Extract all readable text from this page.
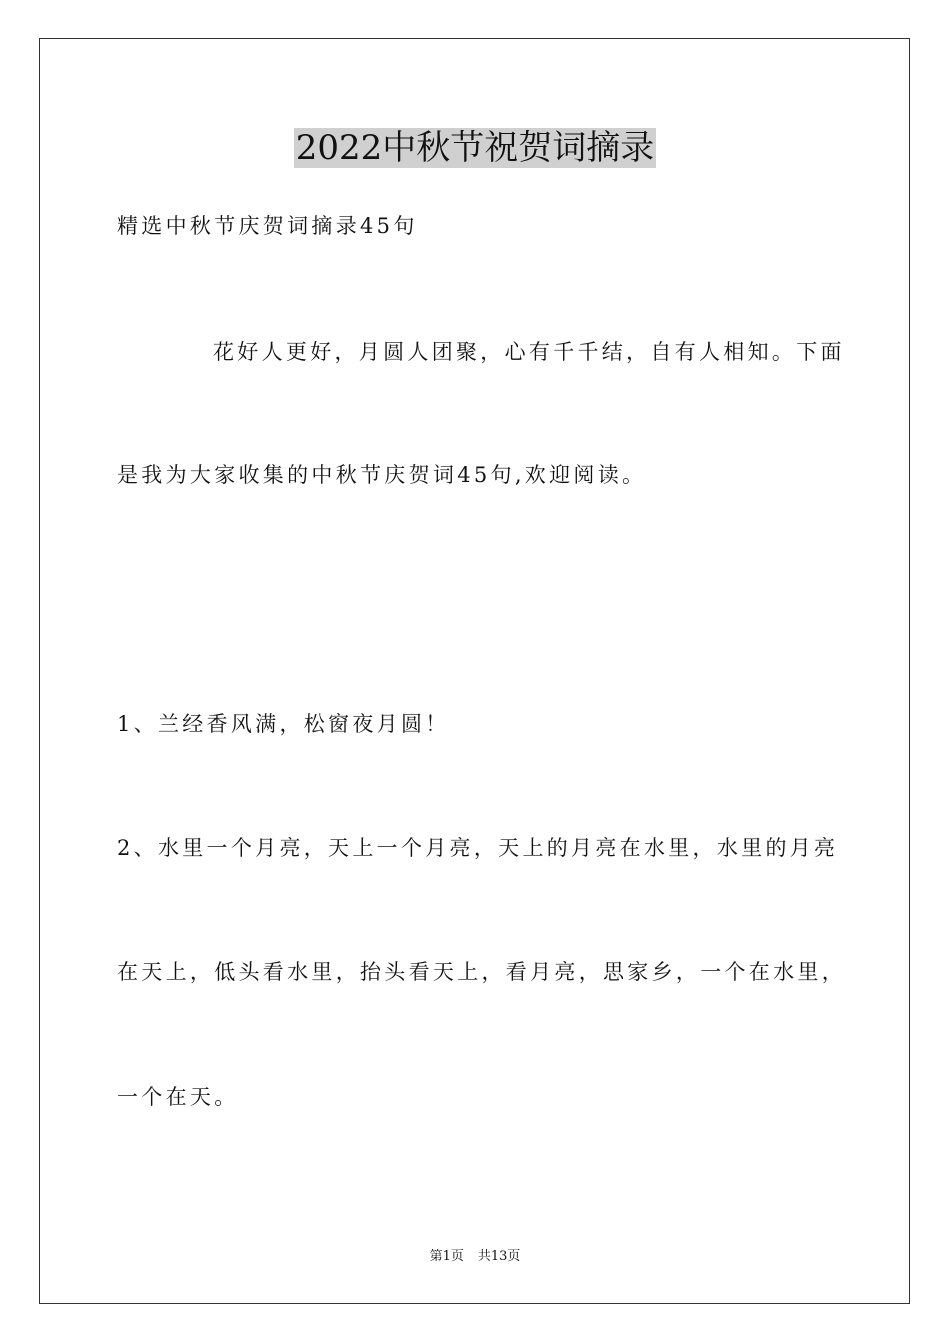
2022中秋节祝贺词摘录
精选中秋节庆贺词摘录45句
花好人更好，月圆人团聚，心有千千结，自有人相知。下面
是我为大家收集的中秋节庆贺词45句,欢迎阅读。
1、兰经香风满，松窗夜月圆！
2、水里一个月亮，天上一个月亮，天上的月亮在水里，水里的月亮
在天上，低头看水里，抬头看天上，看月亮，思家乡，一个在水里，
一个在天。
第1页 共13页
